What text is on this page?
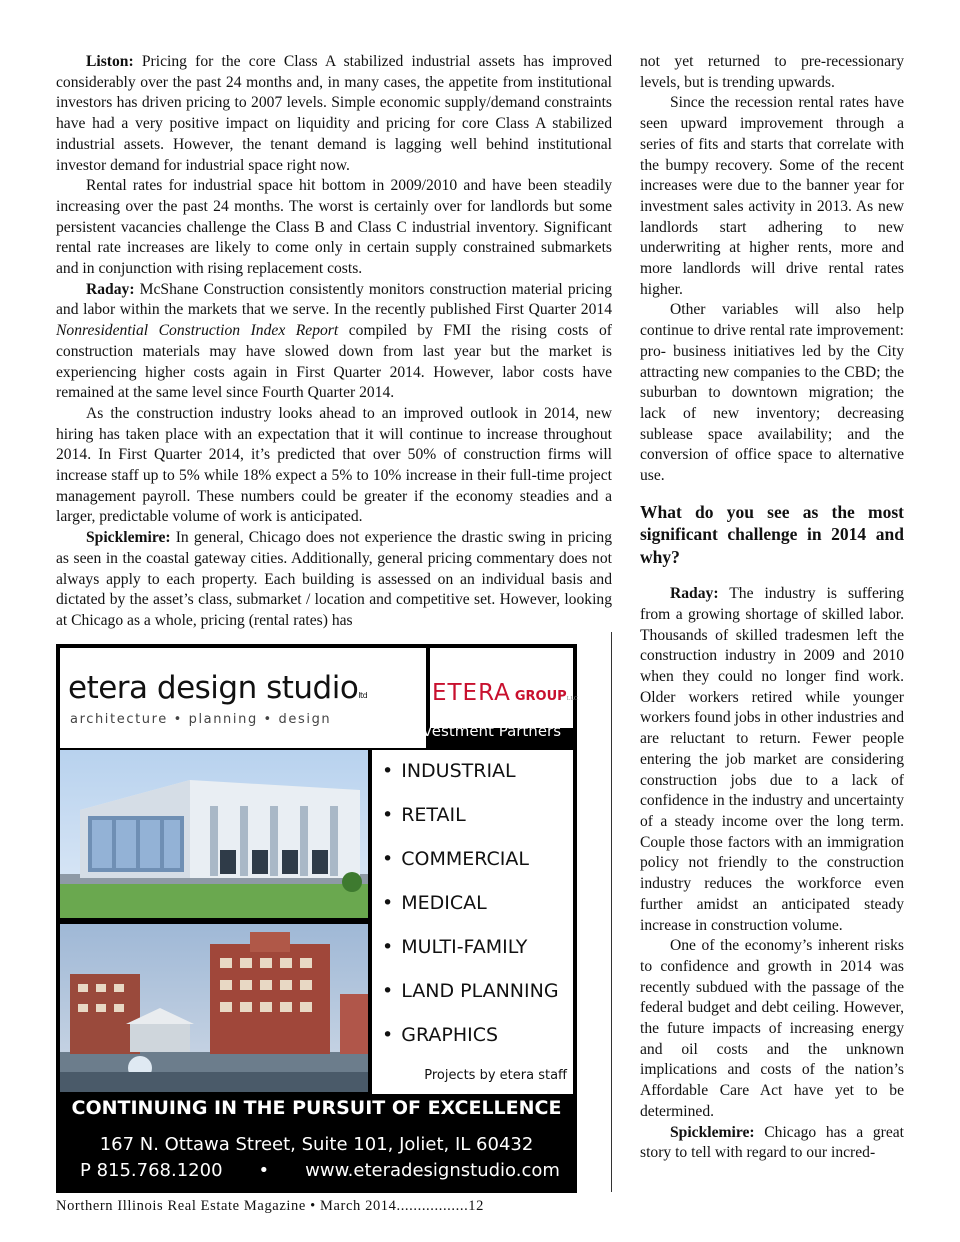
Liston: Pricing for the core Class A stabilized industrial assets has improved considerably over the past 24 months and, in many cases, the appetite from institutional investors has driven pricing to 2007 levels. Simple economic supply/demand constraints have had a very positive impact on liquidity and pricing for core Class A stabilized industrial assets. However, the tenant demand is lagging well behind institutional investor demand for industrial space right now.

Rental rates for industrial space hit bottom in 2009/2010 and have been steadily increasing over the past 24 months. The worst is certainly over for landlords but some persistent vacancies challenge the Class B and Class C industrial inventory. Significant rental rate increases are likely to come only in certain supply constrained submarkets and in conjunction with rising replacement costs.

Raday: McShane Construction consistently monitors construction material pricing and labor within the markets that we serve. In the recently published First Quarter 2014 Nonresidential Construction Index Report compiled by FMI the rising costs of construction materials may have slowed down from last year but the market is experiencing higher costs again in First Quarter 2014. However, labor costs have remained at the same level since Fourth Quarter 2014.

As the construction industry looks ahead to an improved outlook in 2014, new hiring has taken place with an expectation that it will continue to increase throughout 2014. In First Quarter 2014, it’s predicted that over 50% of construction firms will increase staff up to 5% while 18% expect a 5% to 10% increase in their full-time project management payroll. These numbers could be greater if the economy steadies and a larger, predictable volume of work is anticipated.

Spicklemire: In general, Chicago does not experience the drastic swing in pricing as seen in the coastal gateway cities. Additionally, general pricing commentary does not always apply to each property. Each building is assessed on an individual basis and dictated by the asset’s class, submarket / location and competitive set. However, looking at Chicago as a whole, pricing (rental rates) has

not yet returned to pre-recessionary levels, but is trending upwards.

Since the recession rental rates have seen upward improvement through a series of fits and starts that correlate with the bumpy recovery. Some of the recent increases were due to the banner year for investment sales activity in 2013. As new landlords start adhering to new underwriting at higher rents, more and more landlords will drive rental rates higher.

Other variables will also help continue to drive rental rate improvement: pro- business initiatives led by the City attracting new companies to the CBD; the suburban to downtown migration; the lack of new inventory; decreasing sublease space availability; and the conversion of office space to alternative use.

What do you see as the most significant challenge in 2014 and why?

Raday: The industry is suffering from a growing shortage of skilled labor. Thousands of skilled tradesmen left the construction industry in 2009 and 2010 when they could no longer find work. Older workers retired while younger workers found jobs in other industries and are reluctant to return. Fewer people entering the job market are considering construction jobs due to a lack of confidence in the industry and uncertainty of a steady income over the long term. Couple those factors with an immigration policy not friendly to the construction industry reduces the workforce even further amidst an anticipated steady increase in construction volume.

One of the economy’s inherent risks to confidence and growth in 2014 was recently subdued with the passage of the federal budget and debt ceiling. However, the future impacts of increasing energy and oil costs and the unknown implications and costs of the nation’s Affordable Care Act have yet to be determined.

Spicklemire: Chicago has a great story to tell with regard to our incred-

etera design studioltd
architecture • planning • design
ETERA GROUPLLC
Investment Partners
• INDUSTRIAL
• RETAIL
• COMMERCIAL
• MEDICAL
• MULTI-FAMILY
• LAND PLANNING
• GRAPHICS
Projects by etera staff
CONTINUING IN THE PURSUIT OF EXCELLENCE
167 N. Ottawa Street, Suite 101, Joliet, IL 60432
P 815.768.1200 • www.eteradesignstudio.com
Northern Illinois Real Estate Magazine • March 2014.................12
